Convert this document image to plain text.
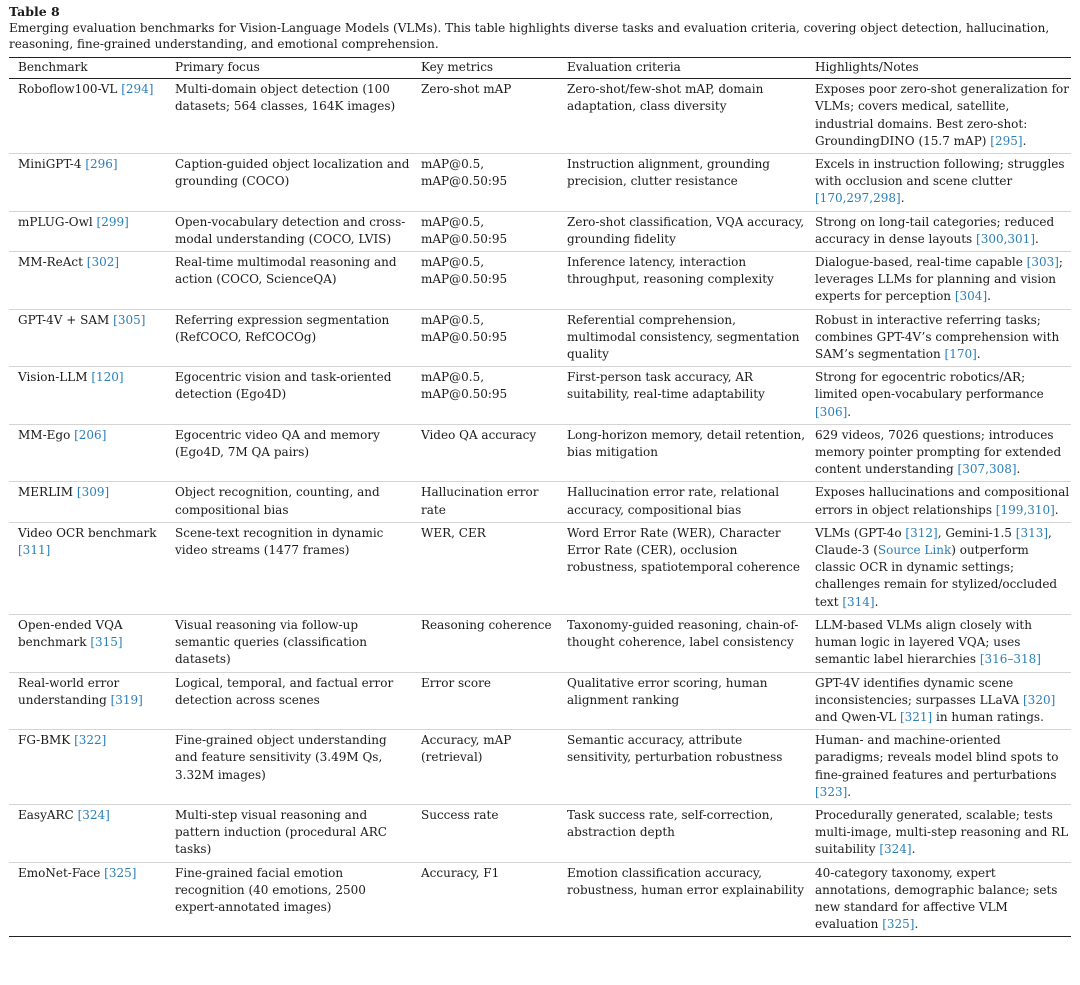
Table 8
Emerging evaluation benchmarks for Vision-Language Models (VLMs). This table highlights diverse tasks and evaluation criteria, covering object detection, hallucination, reasoning, fine-grained understanding, and emotional comprehension.
Benchmark	Primary focus	Key metrics	Evaluation criteria	Highlights/Notes
Roboflow100-VL [294]	Multi-domain object detection (100 datasets; 564 classes, 164K images)	Zero-shot mAP	Zero-shot/few-shot mAP, domain adaptation, class diversity	Exposes poor zero-shot generalization for VLMs; covers medical, satellite, industrial domains. Best zero-shot: GroundingDINO (15.7 mAP) [295].
MiniGPT-4 [296]	Caption-guided object localization and grounding (COCO)	mAP@0.5, mAP@0.50:95	Instruction alignment, grounding precision, clutter resistance	Excels in instruction following; struggles with occlusion and scene clutter [170,297,298].
mPLUG-Owl [299]	Open-vocabulary detection and cross-modal understanding (COCO, LVIS)	mAP@0.5, mAP@0.50:95	Zero-shot classification, VQA accuracy, grounding fidelity	Strong on long-tail categories; reduced accuracy in dense layouts [300,301].
MM-ReAct [302]	Real-time multimodal reasoning and action (COCO, ScienceQA)	mAP@0.5, mAP@0.50:95	Inference latency, interaction throughput, reasoning complexity	Dialogue-based, real-time capable [303]; leverages LLMs for planning and vision experts for perception [304].
GPT-4V + SAM [305]	Referring expression segmentation (RefCOCO, RefCOCOg)	mAP@0.5, mAP@0.50:95	Referential comprehension, multimodal consistency, segmentation quality	Robust in interactive referring tasks; combines GPT-4V’s comprehension with SAM’s segmentation [170].
Vision-LLM [120]	Egocentric vision and task-oriented detection (Ego4D)	mAP@0.5, mAP@0.50:95	First-person task accuracy, AR suitability, real-time adaptability	Strong for egocentric robotics/AR; limited open-vocabulary performance [306].
MM-Ego [206]	Egocentric video QA and memory (Ego4D, 7M QA pairs)	Video QA accuracy	Long-horizon memory, detail retention, bias mitigation	629 videos, 7026 questions; introduces memory pointer prompting for extended content understanding [307,308].
MERLIM [309]	Object recognition, counting, and compositional bias	Hallucination error rate	Hallucination error rate, relational accuracy, compositional bias	Exposes hallucinations and compositional errors in object relationships [199,310].
Video OCR benchmark [311]	Scene-text recognition in dynamic video streams (1477 frames)	WER, CER	Word Error Rate (WER), Character Error Rate (CER), occlusion robustness, spatiotemporal coherence	VLMs (GPT-4o [312], Gemini-1.5 [313], Claude-3 (Source Link) outperform classic OCR in dynamic settings; challenges remain for stylized/occluded text [314].
Open-ended VQA benchmark [315]	Visual reasoning via follow-up semantic queries (classification datasets)	Reasoning coherence	Taxonomy-guided reasoning, chain-of-thought coherence, label consistency	LLM-based VLMs align closely with human logic in layered VQA; uses semantic label hierarchies [316–318]
Real-world error understanding [319]	Logical, temporal, and factual error detection across scenes	Error score	Qualitative error scoring, human alignment ranking	GPT-4V identifies dynamic scene inconsistencies; surpasses LLaVA [320] and Qwen-VL [321] in human ratings.
FG-BMK [322]	Fine-grained object understanding and feature sensitivity (3.49M Qs, 3.32M images)	Accuracy, mAP (retrieval)	Semantic accuracy, attribute sensitivity, perturbation robustness	Human- and machine-oriented paradigms; reveals model blind spots to fine-grained features and perturbations [323].
EasyARC [324]	Multi-step visual reasoning and pattern induction (procedural ARC tasks)	Success rate	Task success rate, self-correction, abstraction depth	Procedurally generated, scalable; tests multi-image, multi-step reasoning and RL suitability [324].
EmoNet-Face [325]	Fine-grained facial emotion recognition (40 emotions, 2500 expert-annotated images)	Accuracy, F1	Emotion classification accuracy, robustness, human error explainability	40-category taxonomy, expert annotations, demographic balance; sets new standard for affective VLM evaluation [325].
